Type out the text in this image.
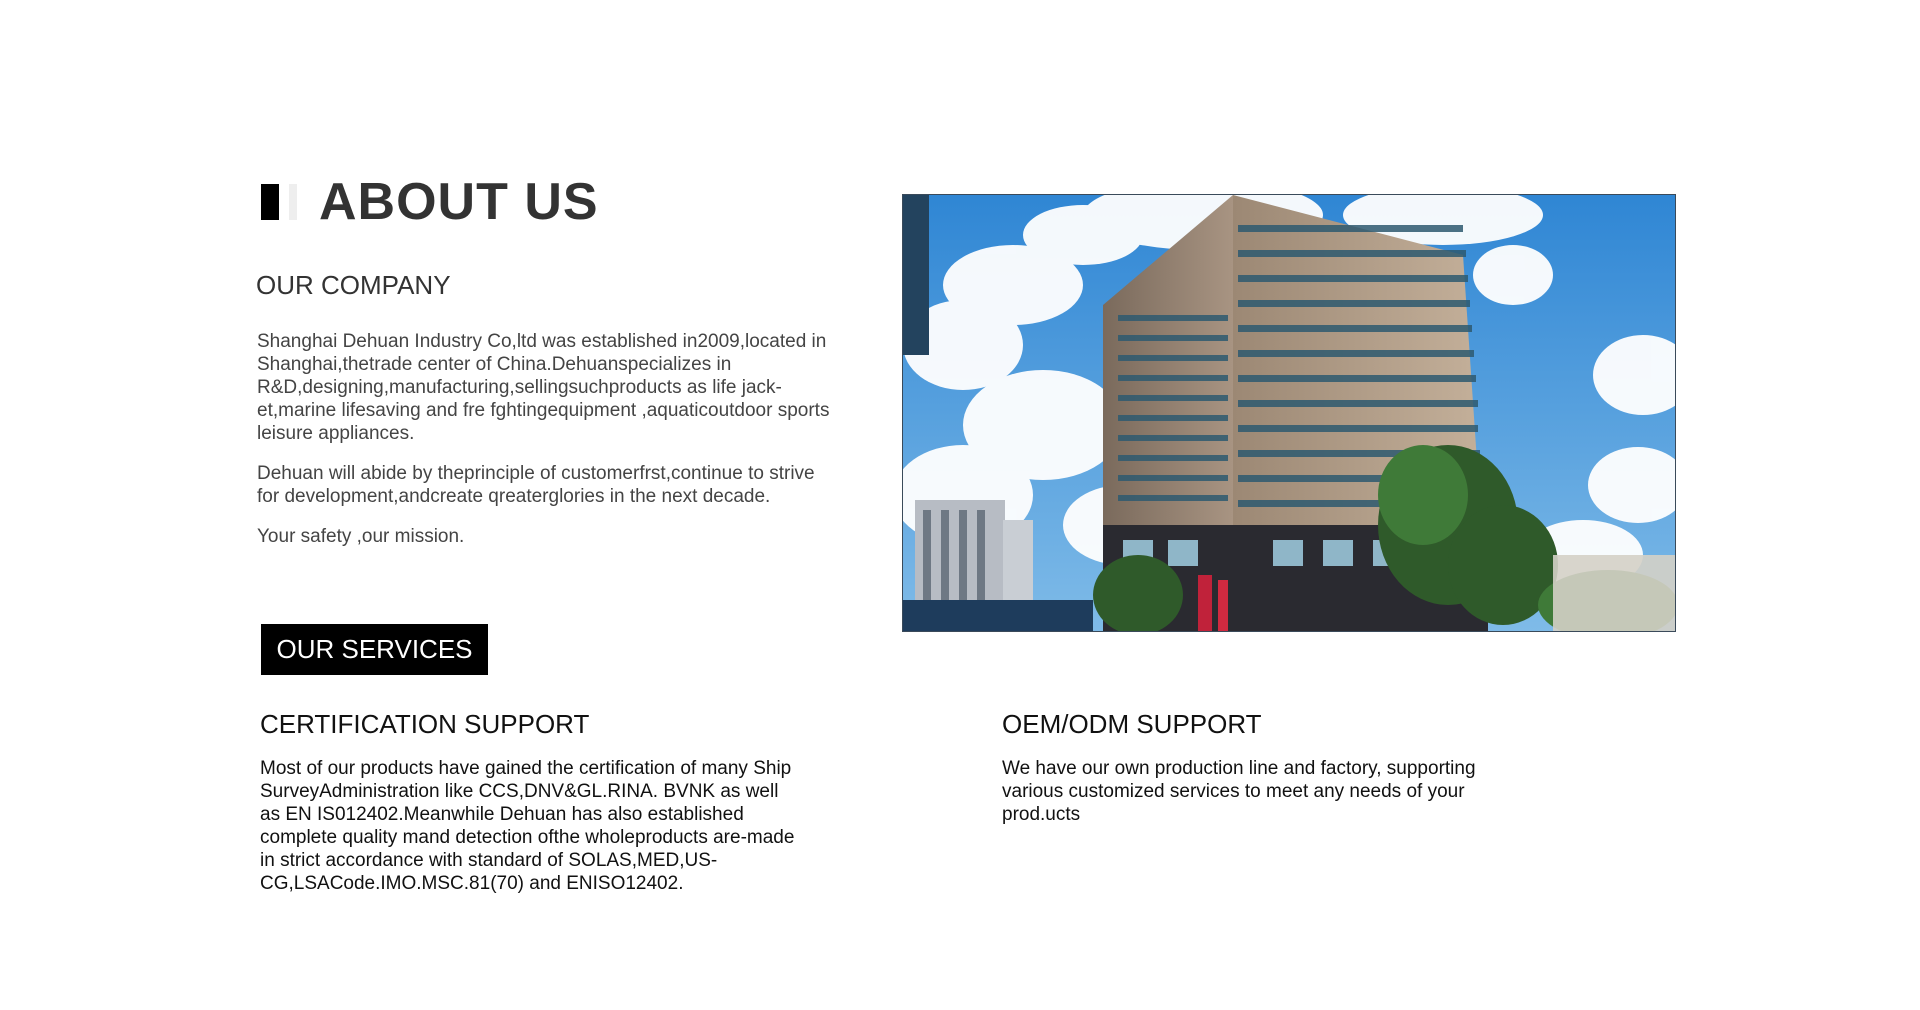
ABOUT US
OUR COMPANY

Shanghai Dehuan Industry Co,ltd was established in2009,located in Shanghai,thetrade center of China.Dehuanspecializes in R&D,designing,manufacturing,sellingsuchproducts as life jack-et,marine lifesaving and fre fghtingequipment ,aquaticoutdoor sports leisure appliances.

Dehuan will abide by theprinciple of customerfrst,continue to strive for development,andcreate qreaterglories in the next decade.

Your safety ,our mission.

OUR SERVICES
CERTIFICATION SUPPORT
Most of our products have gained the certification of many Ship SurveyAdministration like CCS,DNV&GL.RINA. BVNK as well as EN IS012402.Meanwhile Dehuan has also established complete quality mand detection ofthe wholeproducts are-made in strict accordance with standard of SOLAS,MED,US-CG,LSACode.IMO.MSC.81(70) and ENISO12402.
OEM/ODM SUPPORT
We have our own production line and factory, supporting various customized services to meet any needs of your prod.ucts
